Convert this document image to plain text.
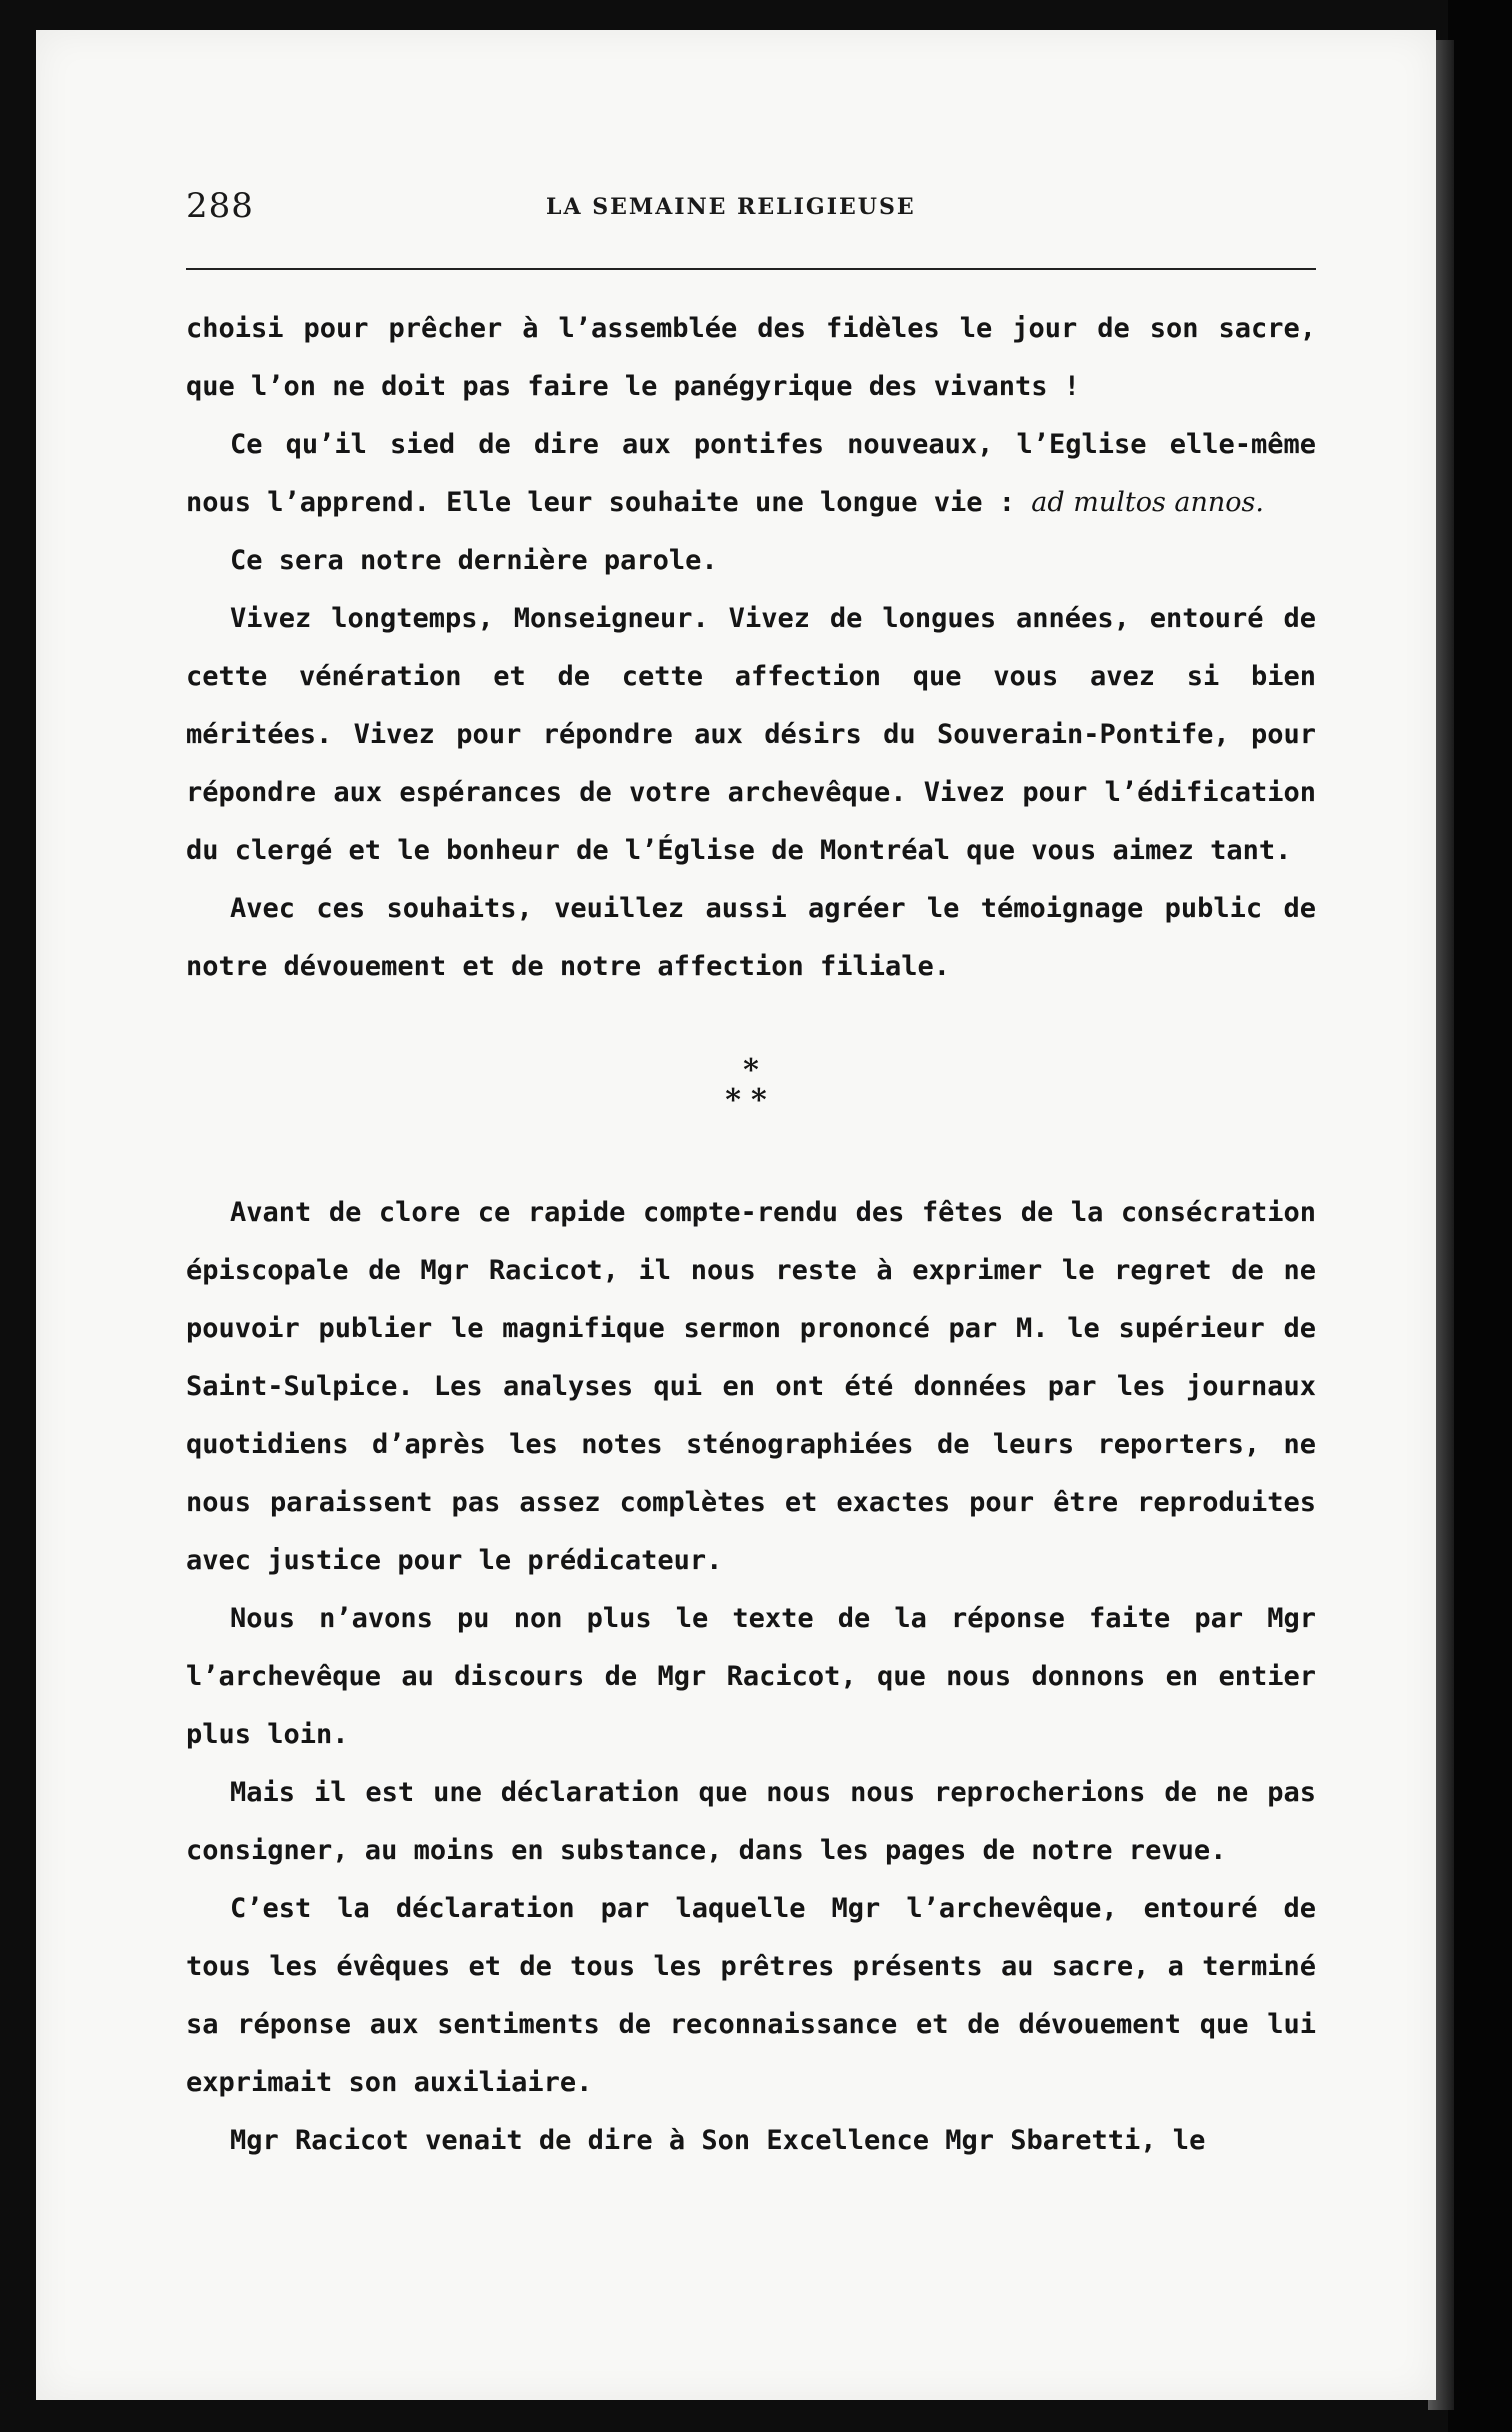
288	LA SEMAINE RELIGIEUSE

choisi pour prêcher à l’assemblée des fidèles le jour de son sacre, que l’on ne doit pas faire le panégyrique des vivants !

Ce qu’il sied de dire aux pontifes nouveaux, l’Eglise elle-même nous l’apprend. Elle leur souhaite une longue vie : ad multos annos.

Ce sera notre dernière parole.

Vivez longtemps, Monseigneur. Vivez de longues années, entouré de cette vénération et de cette affection que vous avez si bien méritées. Vivez pour répondre aux désirs du Souverain-Pontife, pour répondre aux espérances de votre archevêque. Vivez pour l’édification du clergé et le bonheur de l’Église de Montréal que vous aimez tant.

Avec ces souhaits, veuillez aussi agréer le témoignage public de notre dévouement et de notre affection filiale.

*
**

Avant de clore ce rapide compte-rendu des fêtes de la consécration épiscopale de Mgr Racicot, il nous reste à exprimer le regret de ne pouvoir publier le magnifique sermon prononcé par M. le supérieur de Saint-Sulpice. Les analyses qui en ont été données par les journaux quotidiens d’après les notes sténographiées de leurs reporters, ne nous paraissent pas assez complètes et exactes pour être reproduites avec justice pour le prédicateur.

Nous n’avons pu non plus le texte de la réponse faite par Mgr l’archevêque au discours de Mgr Racicot, que nous donnons en entier plus loin.

Mais il est une déclaration que nous nous reprocherions de ne pas consigner, au moins en substance, dans les pages de notre revue.

C’est la déclaration par laquelle Mgr l’archevêque, entouré de tous les évêques et de tous les prêtres présents au sacre, a terminé sa réponse aux sentiments de reconnaissance et de dévouement que lui exprimait son auxiliaire.

Mgr Racicot venait de dire à Son Excellence Mgr Sbaretti, le
